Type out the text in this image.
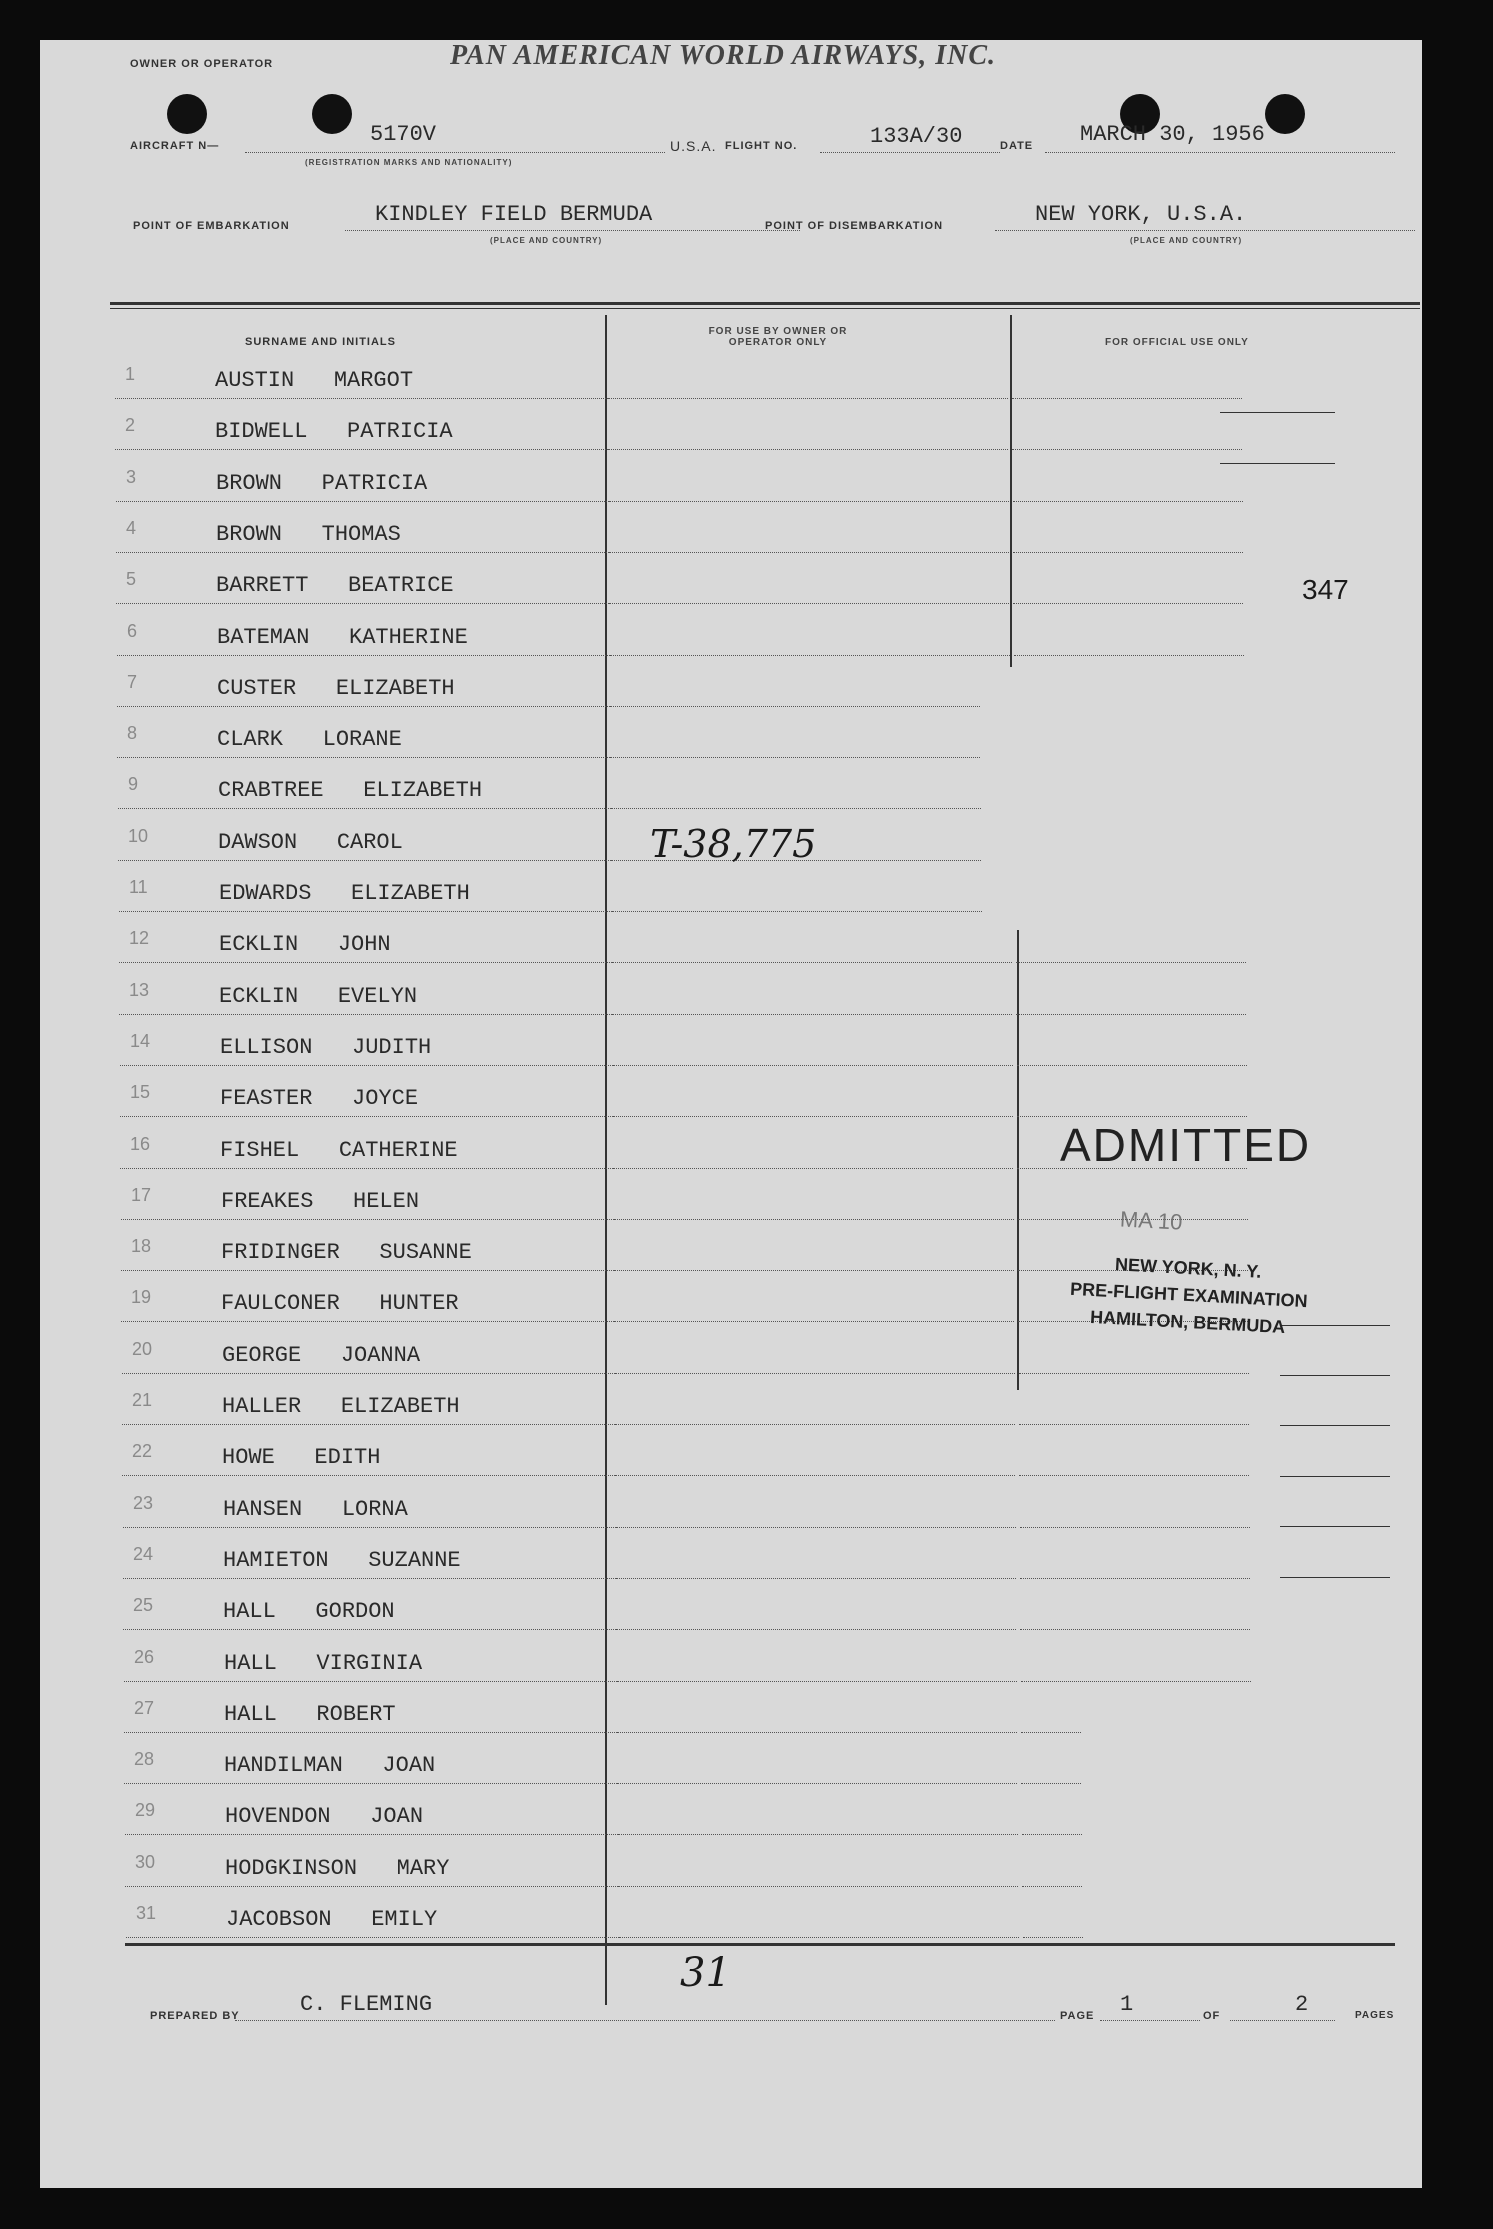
OWNER OR OPERATOR	PAN AMERICAN WORLD AIRWAYS, INC.
AIRCRAFT N—	5170V
(REGISTRATION MARKS AND NATIONALITY)
U.S.A. FLIGHT NO.	133A/30	DATE MARCH 30, 1956
POINT OF EMBARKATION	KINDLEY FIELD BERMUDA
(PLACE AND COUNTRY)
POINT OF DISEMBARKATION	NEW YORK, U.S.A.
(PLACE AND COUNTRY)
SURNAME AND INITIALS
FOR USE BY OWNER OR OPERATOR ONLY	FOR OFFICIAL USE ONLY
1	AUSTIN   MARGOT
2	BIDWELL   PATRICIA
3	BROWN   PATRICIA
4	BROWN   THOMAS
5	BARRETT   BEATRICE
6	BATEMAN   KATHERINE
7	CUSTER   ELIZABETH
8	CLARK   LORANE
9	CRABTREE   ELIZABETH
10	DAWSON   CAROL
11	EDWARDS   ELIZABETH
12	ECKLIN   JOHN
13	ECKLIN   EVELYN
14	ELLISON   JUDITH
15	FEASTER   JOYCE
16	FISHEL   CATHERINE
17	FREAKES   HELEN
18	FRIDINGER   SUSANNE
19	FAULCONER   HUNTER
20	GEORGE   JOANNA
21	HALLER   ELIZABETH
22	HOWE   EDITH
23	HANSEN   LORNA
24	HAMIETON   SUZANNE
25	HALL   GORDON
26	HALL   VIRGINIA
27	HALL   ROBERT
28	HANDILMAN   JOAN
29	HOVENDON   JOAN
30	HODGKINSON   MARY
31	JACOBSON   EMILY
347
T-38,775
31
ADMITTED
MA 10
NEW YORK, N. Y.
PRE-FLIGHT EXAMINATION
HAMILTON, BERMUDA
PREPARED BY	C. FLEMING	PAGE 1	OF	2	PAGES
